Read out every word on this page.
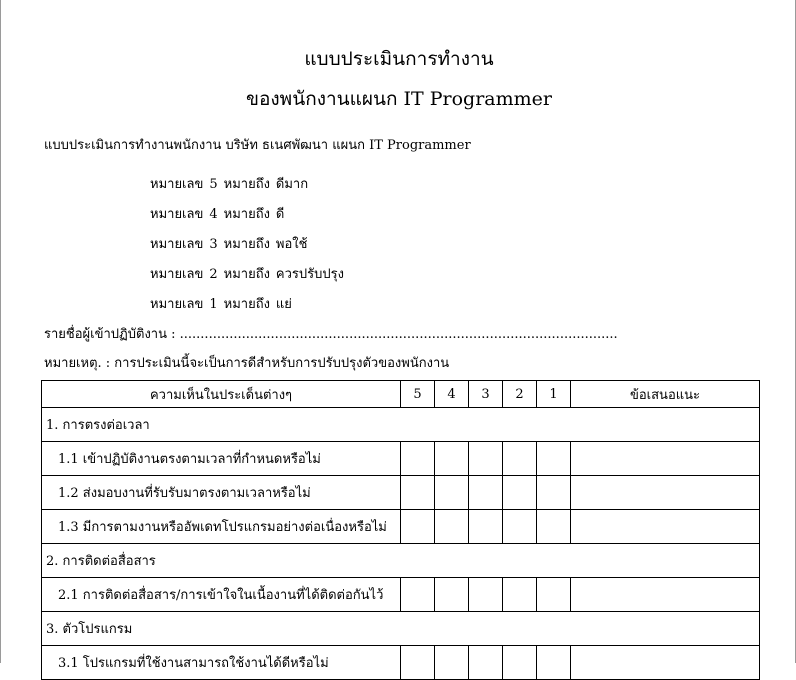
แบบประเมินการทำงาน
ของพนักงานแผนก IT Programmer
แบบประเมินการทำงานพนักงาน บริษัท ธเนศพัฒนา แผนก IT Programmer
หมายเลข 5 หมายถึง ดีมาก
หมายเลข 4 หมายถึง ดี
หมายเลข 3 หมายถึง พอใช้
หมายเลข 2 หมายถึง ควรปรับปรุง
หมายเลข 1 หมายถึง แย่
รายชื่อผู้เข้าปฏิบัติงาน : ..........................................................................................................
หมายเหตุ. : การประเมินนี้จะเป็นการดีสำหรับการปรับปรุงตัวของพนักงาน
ความเห็นในประเด็นต่างๆ	5	4	3	2	1	ข้อเสนอแนะ
1. การตรงต่อเวลา						
1.1 เข้าปฏิบัติงานตรงตามเวลาที่กำหนดหรือไม่						
1.2 ส่งมอบงานที่รับรับมาตรงตามเวลาหรือไม่						
1.3 มีการตามงานหรืออัพเดทโปรแกรมอย่างต่อเนื่องหรือไม่						
2. การติดต่อสื่อสาร						
2.1 การติดต่อสื่อสาร/การเข้าใจในเนื้องานที่ได้ติดต่อกันไว้						
3. ตัวโปรแกรม						
3.1 โปรแกรมที่ใช้งานสามารถใช้งานได้ดีหรือไม่						
